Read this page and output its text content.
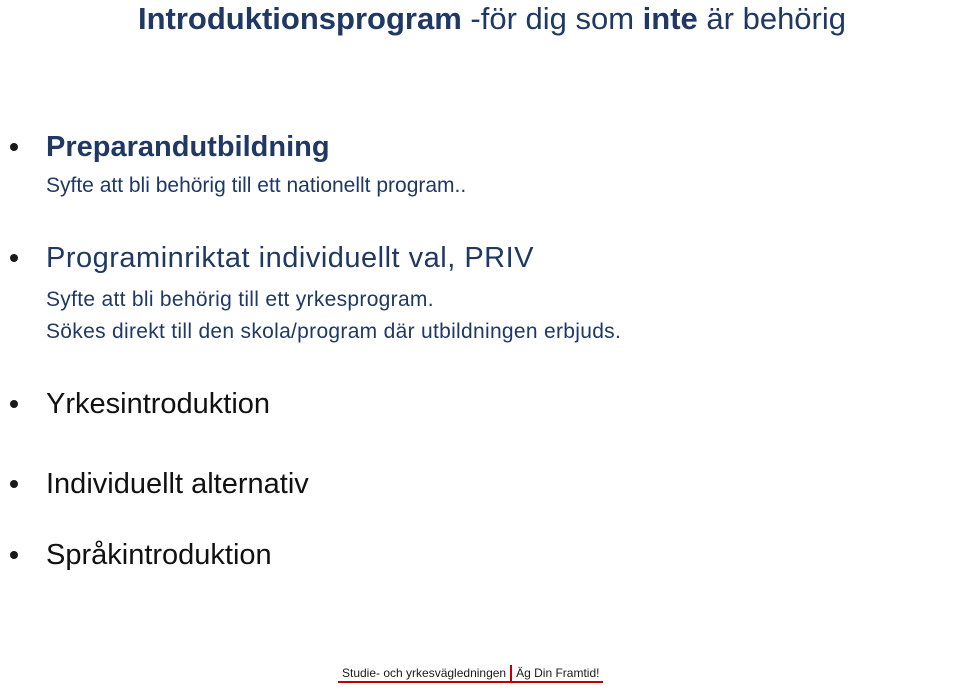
Introduktionsprogram -för dig som inte är behörig
Preparandutbildning
Syfte att bli behörig till ett nationellt program..
Programinriktat individuellt val, PRIV
Syfte att bli behörig till ett yrkesprogram.
Sökes direkt till den skola/program där utbildningen erbjuds.
Yrkesintroduktion
Individuellt alternativ
Språkintroduktion
Studie- och yrkesvägledningen Äg Din Framtid!
